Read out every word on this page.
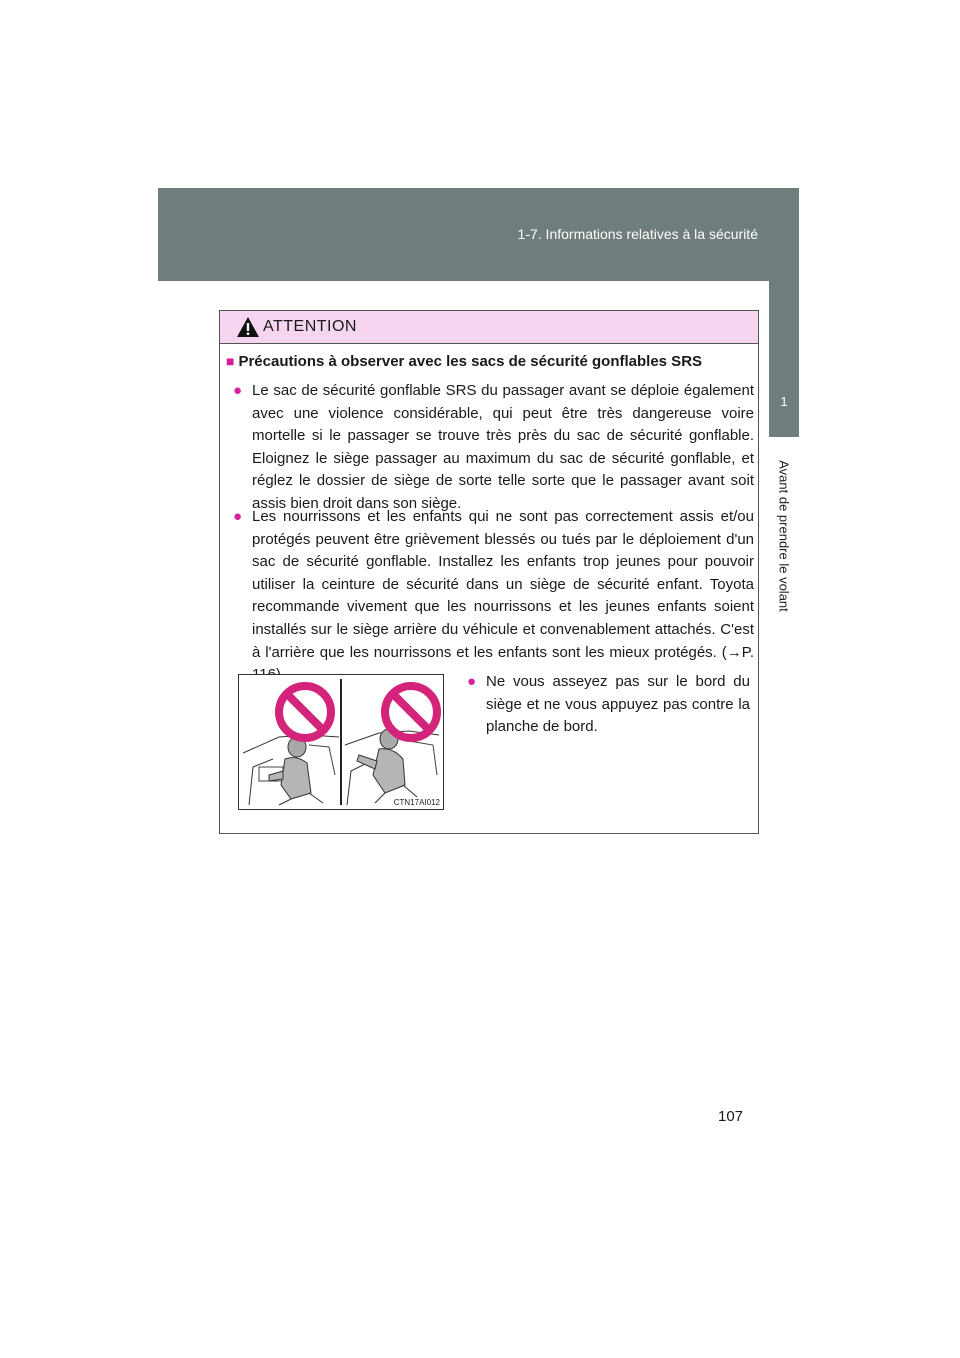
1-7. Informations relatives à la sécurité
1
Avant de prendre le volant
ATTENTION
■ Précautions à observer avec les sacs de sécurité gonflables SRS
● Le sac de sécurité gonflable SRS du passager avant se déploie également avec une violence considérable, qui peut être très dangereuse voire mortelle si le passager se trouve très près du sac de sécurité gonflable. Eloignez le siège passager au maximum du sac de sécurité gonflable, et réglez le dossier de siège de sorte telle sorte que le passager avant soit assis bien droit dans son siège.
● Les nourrissons et les enfants qui ne sont pas correctement assis et/ou protégés peuvent être grièvement blessés ou tués par le déploiement d'un sac de sécurité gonflable. Installez les enfants trop jeunes pour pouvoir utiliser la ceinture de sécurité dans un siège de sécurité enfant. Toyota recommande vivement que les nourrissons et les jeunes enfants soient installés sur le siège arrière du véhicule et convenablement attachés. C'est à l'arrière que les nourrissons et les enfants sont les mieux protégés. (→P.
CTN17AI012
● Ne vous asseyez pas sur le bord du siège et ne vous appuyez pas contre la planche de bord.
107
